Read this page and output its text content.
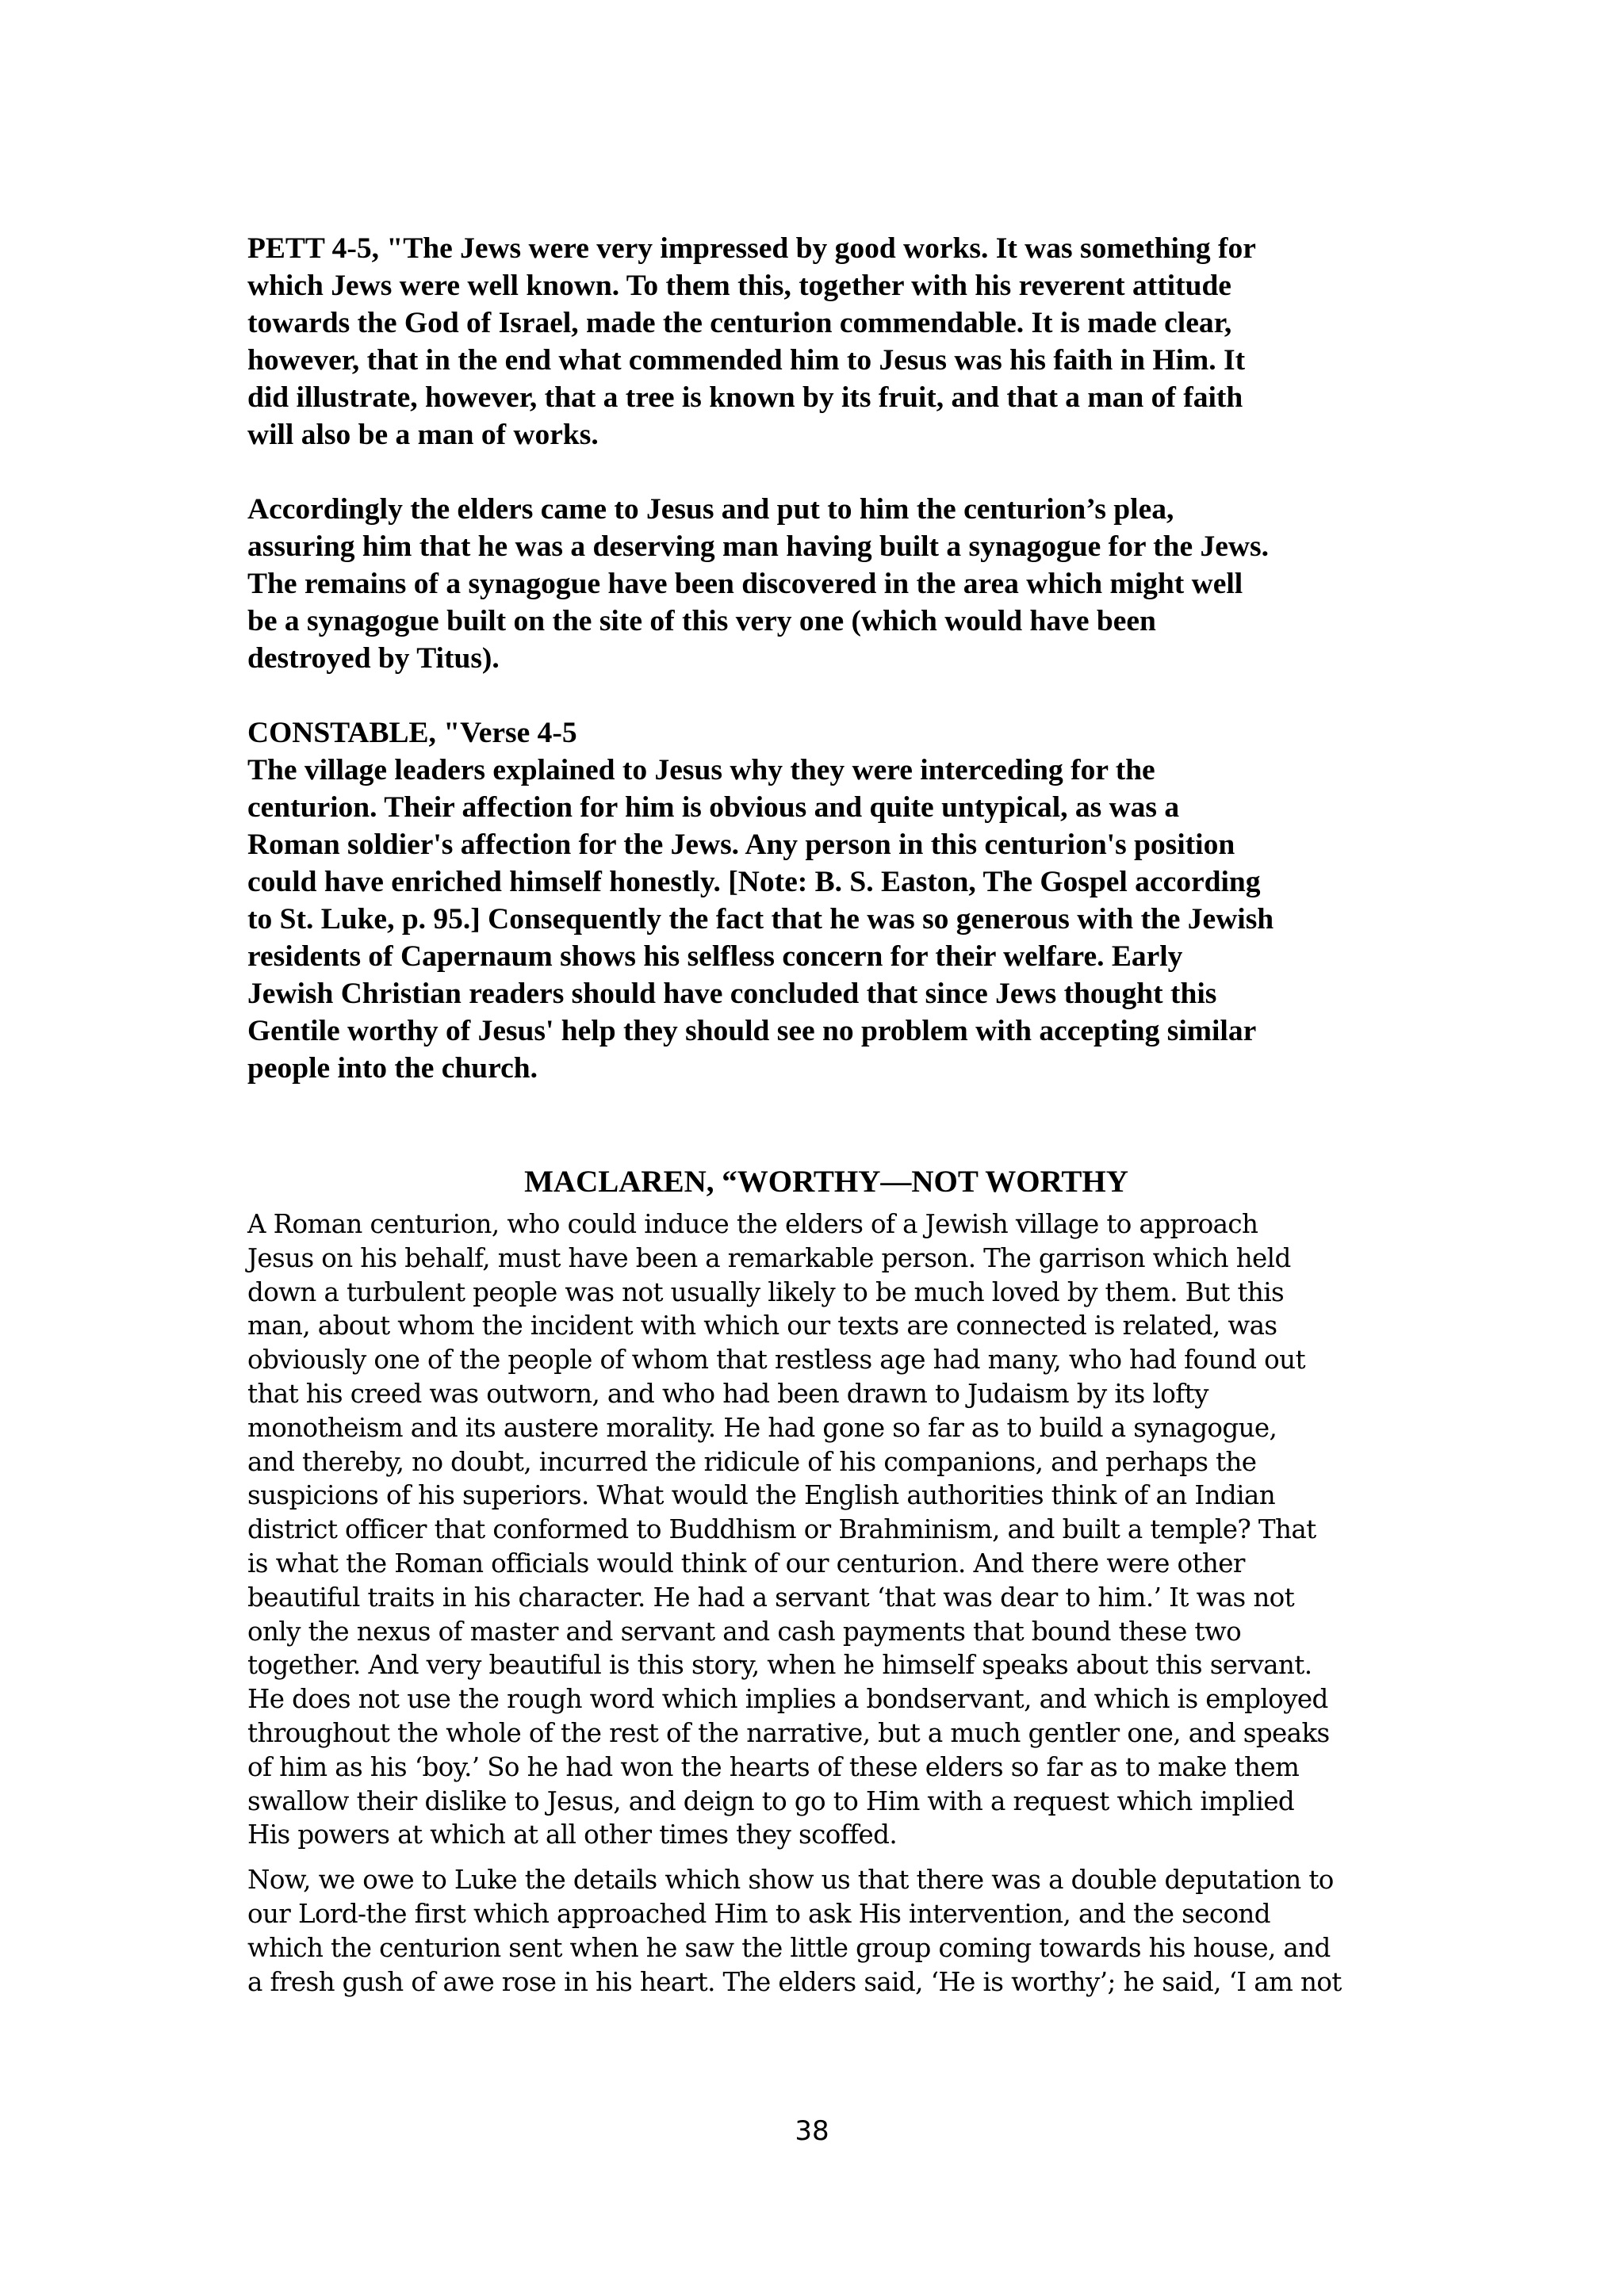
PETT 4-5, "The Jews were very impressed by good works. It was something for
which Jews were well known. To them this, together with his reverent attitude
towards the God of Israel, made the centurion commendable. It is made clear,
however, that in the end what commended him to Jesus was his faith in Him. It
did illustrate, however, that a tree is known by its fruit, and that a man of faith
will also be a man of works.

Accordingly the elders came to Jesus and put to him the centurion’s plea,
assuring him that he was a deserving man having built a synagogue for the Jews.
The remains of a synagogue have been discovered in the area which might well
be a synagogue built on the site of this very one (which would have been
destroyed by Titus).

CONSTABLE, "Verse 4-5
The village leaders explained to Jesus why they were interceding for the
centurion. Their affection for him is obvious and quite untypical, as was a
Roman soldier's affection for the Jews. Any person in this centurion's position
could have enriched himself honestly. [Note: B. S. Easton, The Gospel according
to St. Luke, p. 95.] Consequently the fact that he was so generous with the Jewish
residents of Capernaum shows his selfless concern for their welfare. Early
Jewish Christian readers should have concluded that since Jews thought this
Gentile worthy of Jesus' help they should see no problem with accepting similar
people into the church.

MACLAREN, “WORTHY—NOT WORTHY

A Roman centurion, who could induce the elders of a Jewish village to approach
Jesus on his behalf, must have been a remarkable person. The garrison which held
down a turbulent people was not usually likely to be much loved by them. But this
man, about whom the incident with which our texts are connected is related, was
obviously one of the people of whom that restless age had many, who had found out
that his creed was outworn, and who had been drawn to Judaism by its lofty
monotheism and its austere morality. He had gone so far as to build a synagogue,
and thereby, no doubt, incurred the ridicule of his companions, and perhaps the
suspicions of his superiors. What would the English authorities think of an Indian
district officer that conformed to Buddhism or Brahminism, and built a temple? That
is what the Roman officials would think of our centurion. And there were other
beautiful traits in his character. He had a servant ‘that was dear to him.’ It was not
only the nexus of master and servant and cash payments that bound these two
together. And very beautiful is this story, when he himself speaks about this servant.
He does not use the rough word which implies a bondservant, and which is employed
throughout the whole of the rest of the narrative, but a much gentler one, and speaks
of him as his ‘boy.’ So he had won the hearts of these elders so far as to make them
swallow their dislike to Jesus, and deign to go to Him with a request which implied
His powers at which at all other times they scoffed.

Now, we owe to Luke the details which show us that there was a double deputation to
our Lord-the first which approached Him to ask His intervention, and the second
which the centurion sent when he saw the little group coming towards his house, and
a fresh gush of awe rose in his heart. The elders said, ‘He is worthy’; he said, ‘I am not

38
